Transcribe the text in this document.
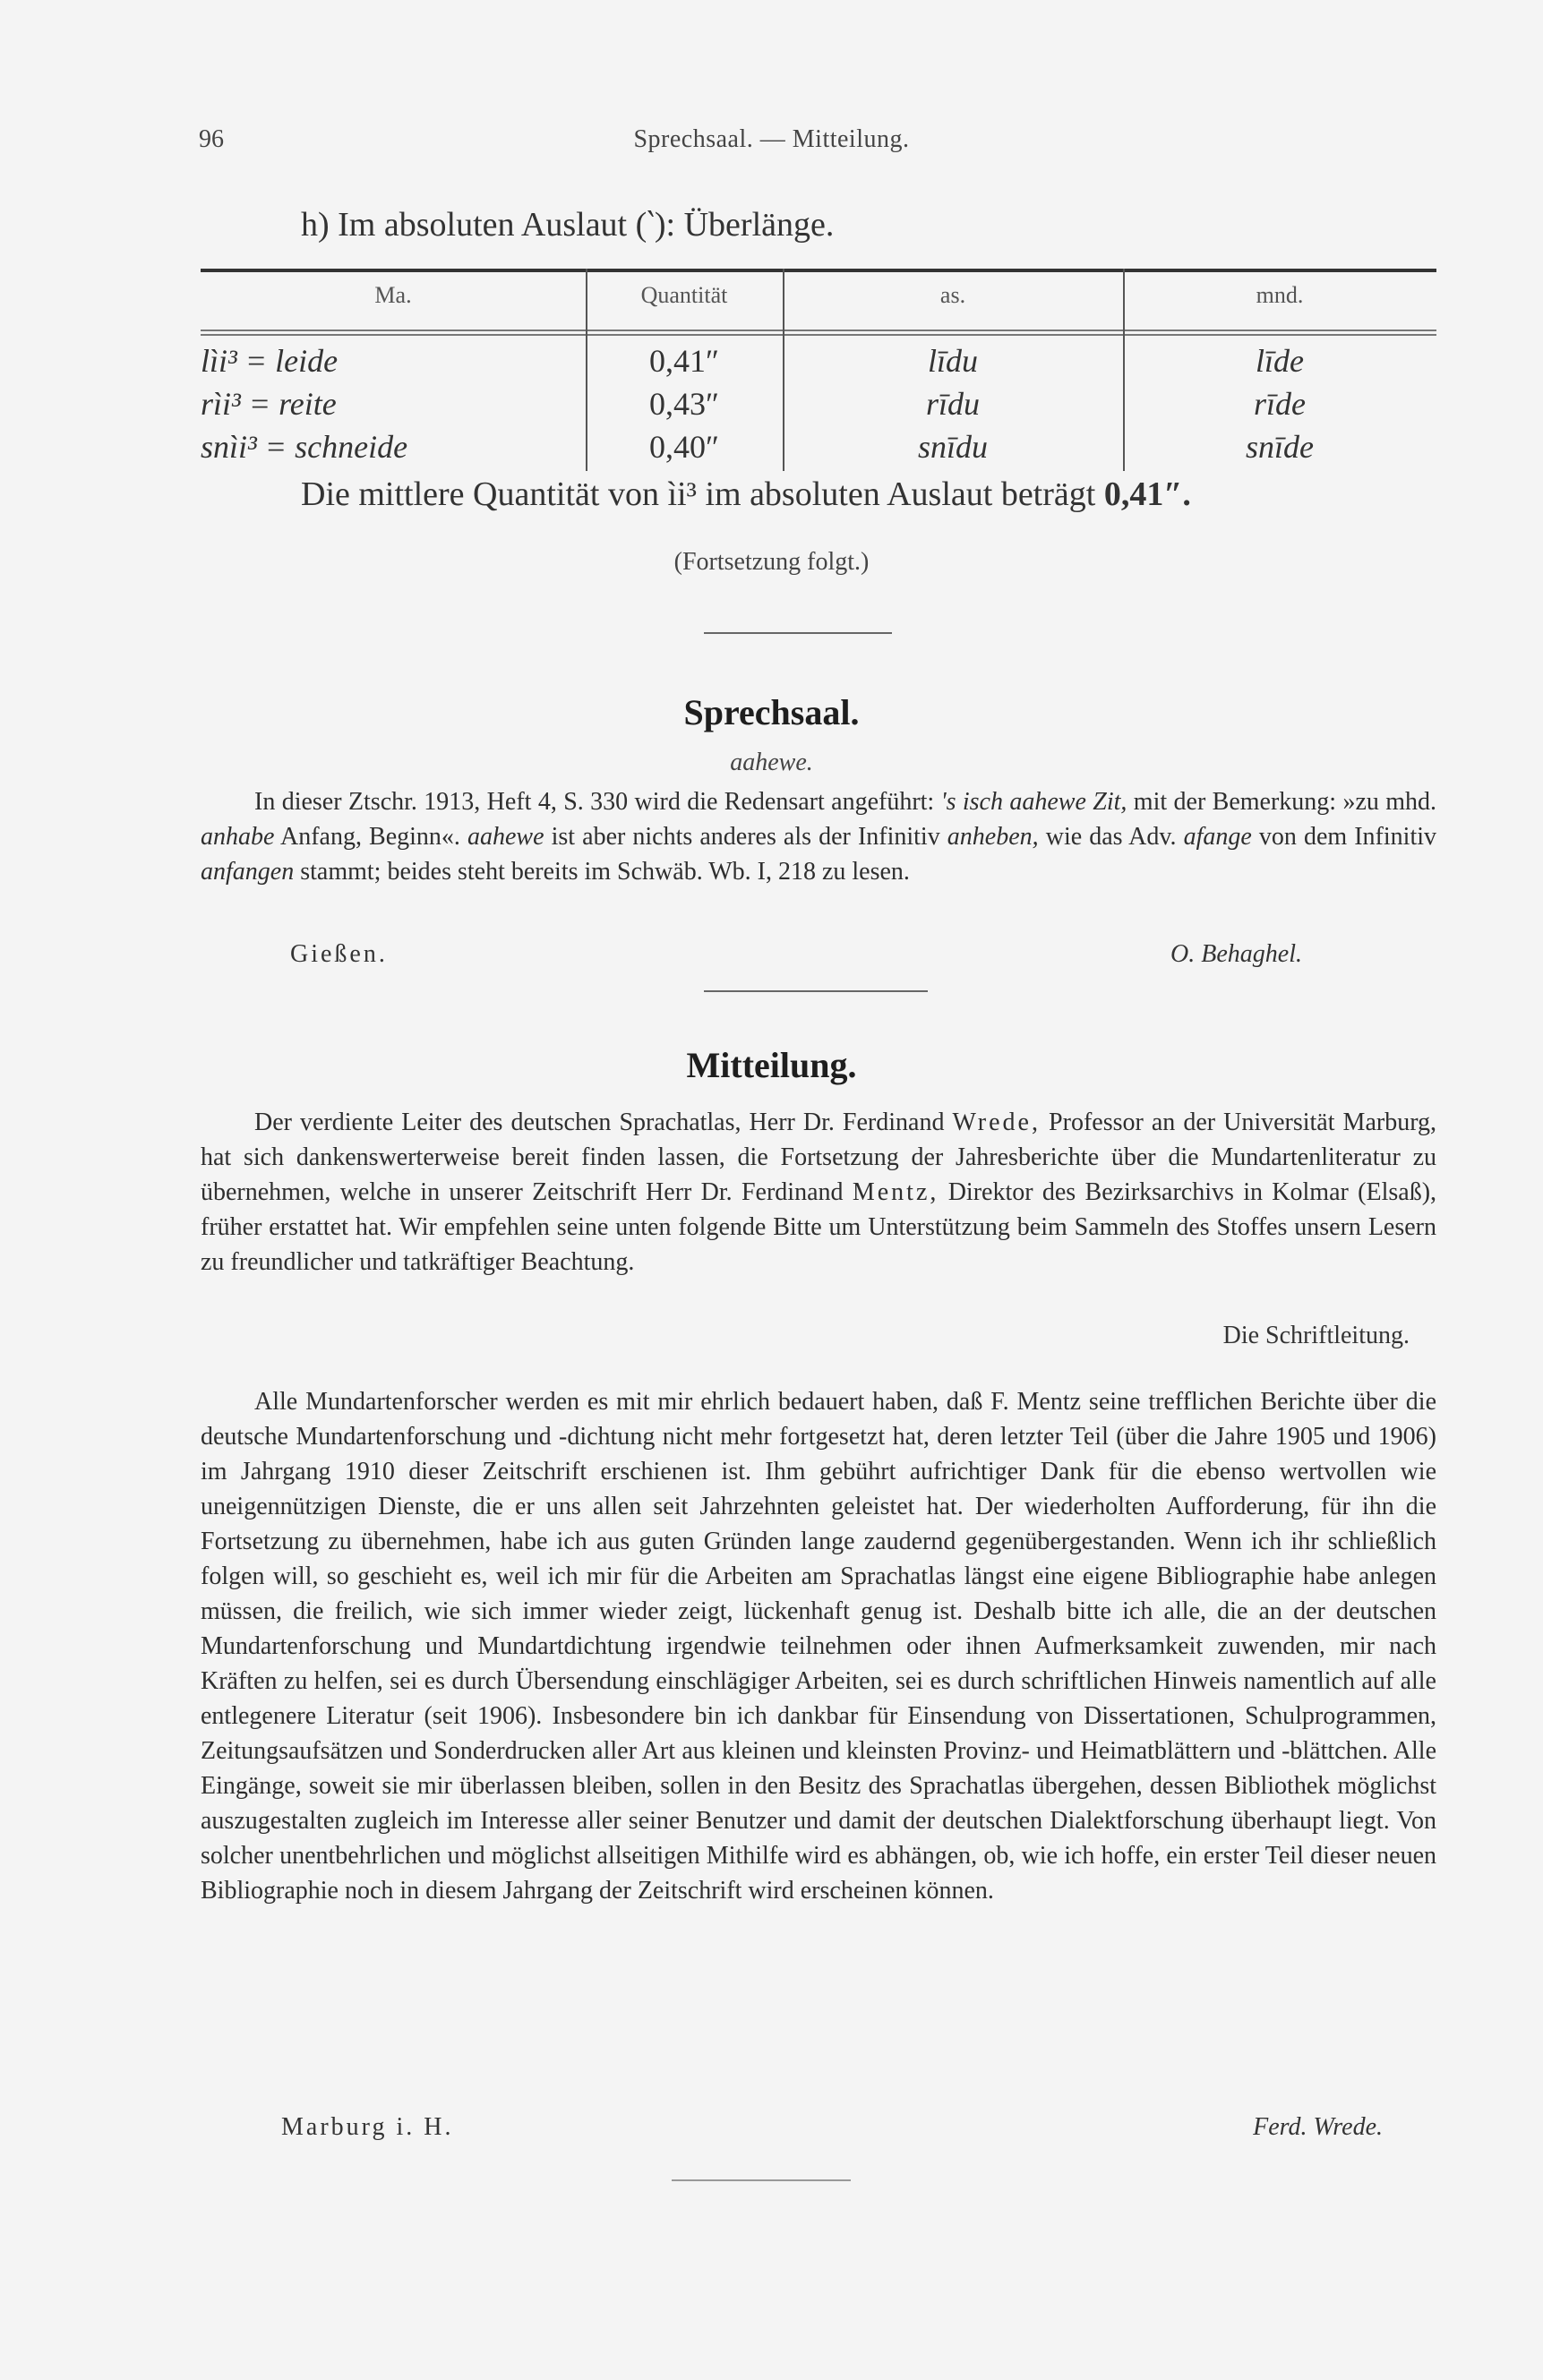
96	Sprechsaal. — Mitteilung.
h) Im absoluten Auslaut (‵): Überlänge.
Ma.	Quantität	as.	mnd.
lìi³ = leide	0,41″	līdu	līde
rìi³ = reite	0,43″	rīdu	rīde
snìi³ = schneide	0,40″	snīdu	snīde
Die mittlere Quantität von ìi³ im absoluten Auslaut beträgt 0,41″.
(Fortsetzung folgt.)
Sprechsaal.
aahewe.
In dieser Ztschr. 1913, Heft 4, S. 330 wird die Redensart angeführt: 's isch aahewe Zit, mit der Bemerkung: »zu mhd. anhabe Anfang, Beginn«. aahewe ist aber nichts anderes als der Infinitiv anheben, wie das Adv. afange von dem Infinitiv anfangen stammt; beides steht bereits im Schwäb. Wb. I, 218 zu lesen.
Gießen.	O. Behaghel.
Mitteilung.
Der verdiente Leiter des deutschen Sprachatlas, Herr Dr. Ferdinand Wrede, Professor an der Universität Marburg, hat sich dankenswerterweise bereit finden lassen, die Fortsetzung der Jahresberichte über die Mundartenliteratur zu übernehmen, welche in unserer Zeitschrift Herr Dr. Ferdinand Mentz, Direktor des Bezirksarchivs in Kolmar (Elsaß), früher erstattet hat. Wir empfehlen seine unten folgende Bitte um Unterstützung beim Sammeln des Stoffes unsern Lesern zu freundlicher und tatkräftiger Beachtung.
Die Schriftleitung.
Alle Mundartenforscher werden es mit mir ehrlich bedauert haben, daß F. Mentz seine trefflichen Berichte über die deutsche Mundartenforschung und -dichtung nicht mehr fortgesetzt hat, deren letzter Teil (über die Jahre 1905 und 1906) im Jahrgang 1910 dieser Zeitschrift erschienen ist. Ihm gebührt aufrichtiger Dank für die ebenso wertvollen wie uneigennützigen Dienste, die er uns allen seit Jahrzehnten geleistet hat. Der wiederholten Aufforderung, für ihn die Fortsetzung zu übernehmen, habe ich aus guten Gründen lange zaudernd gegenübergestanden. Wenn ich ihr schließlich folgen will, so geschieht es, weil ich mir für die Arbeiten am Sprachatlas längst eine eigene Bibliographie habe anlegen müssen, die freilich, wie sich immer wieder zeigt, lückenhaft genug ist. Deshalb bitte ich alle, die an der deutschen Mundartenforschung und Mundartdichtung irgendwie teilnehmen oder ihnen Aufmerksamkeit zuwenden, mir nach Kräften zu helfen, sei es durch Übersendung einschlägiger Arbeiten, sei es durch schriftlichen Hinweis namentlich auf alle entlegenere Literatur (seit 1906). Insbesondere bin ich dankbar für Einsendung von Dissertationen, Schulprogrammen, Zeitungsaufsätzen und Sonderdrucken aller Art aus kleinen und kleinsten Provinz- und Heimatblättern und -blättchen. Alle Eingänge, soweit sie mir überlassen bleiben, sollen in den Besitz des Sprachatlas übergehen, dessen Bibliothek möglichst auszugestalten zugleich im Interesse aller seiner Benutzer und damit der deutschen Dialektforschung überhaupt liegt. Von solcher unentbehrlichen und möglichst allseitigen Mithilfe wird es abhängen, ob, wie ich hoffe, ein erster Teil dieser neuen Bibliographie noch in diesem Jahrgang der Zeitschrift wird erscheinen können.
Marburg i. H.	Ferd. Wrede.
